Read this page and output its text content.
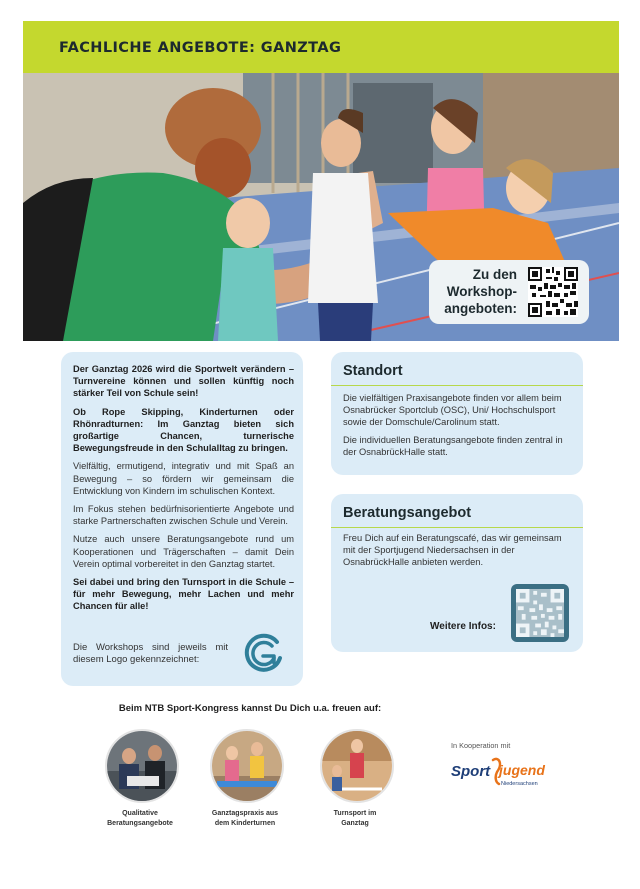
FACHLICHE ANGEBOTE: GANZTAG
Zu den
Workshop-
angeboten:

Der Ganztag 2026 wird die Sportwelt verändern – Turnvereine können und sollen künftig noch stärker Teil von Schule sein!

Ob Rope Skipping, Kinderturnen oder Rhönradturnen: Im Ganztag bieten sich großartige Chancen, turnerische Bewegungsfreude in den Schulalltag zu bringen.

Vielfältig, ermutigend, integrativ und mit Spaß an Bewegung – so fördern wir gemeinsam die Entwicklung von Kindern im schulischen Kontext.

Im Fokus stehen bedürfnisorientierte Angebote und starke Partnerschaften zwischen Schule und Verein.

Nutze auch unsere Beratungsangebote rund um Kooperationen und Trägerschaften – damit Dein Verein optimal vorbereitet in den Ganztag startet.

Sei dabei und bring den Turnsport in die Schule – für mehr Bewegung, mehr Lachen und mehr Chancen für alle!

Die Workshops sind jeweils mit diesem Logo gekennzeichnet:
Standort

Die vielfältigen Praxisangebote finden vor allem beim Osnabrücker Sportclub (OSC), Uni/ Hochschulsport sowie der Domschule/Carolinum statt.

Die individuellen Beratungsangebote finden zentral in der OsnabrückHalle statt.

Beratungsangebot

Freu Dich auf ein Beratungscafé, das wir gemeinsam mit der Sportjugend Niedersachsen in der OsnabrückHalle anbieten werden.

Weitere Infos:
Beim NTB Sport-Kongress kannst Du Dich u.a. freuen auf:
Qualitative
Beratungsangebote
Ganztagspraxis aus
dem Kinderturnen
Turnsport im
Ganztag
In Kooperation mit
Sport jugend
Niedersachsen
